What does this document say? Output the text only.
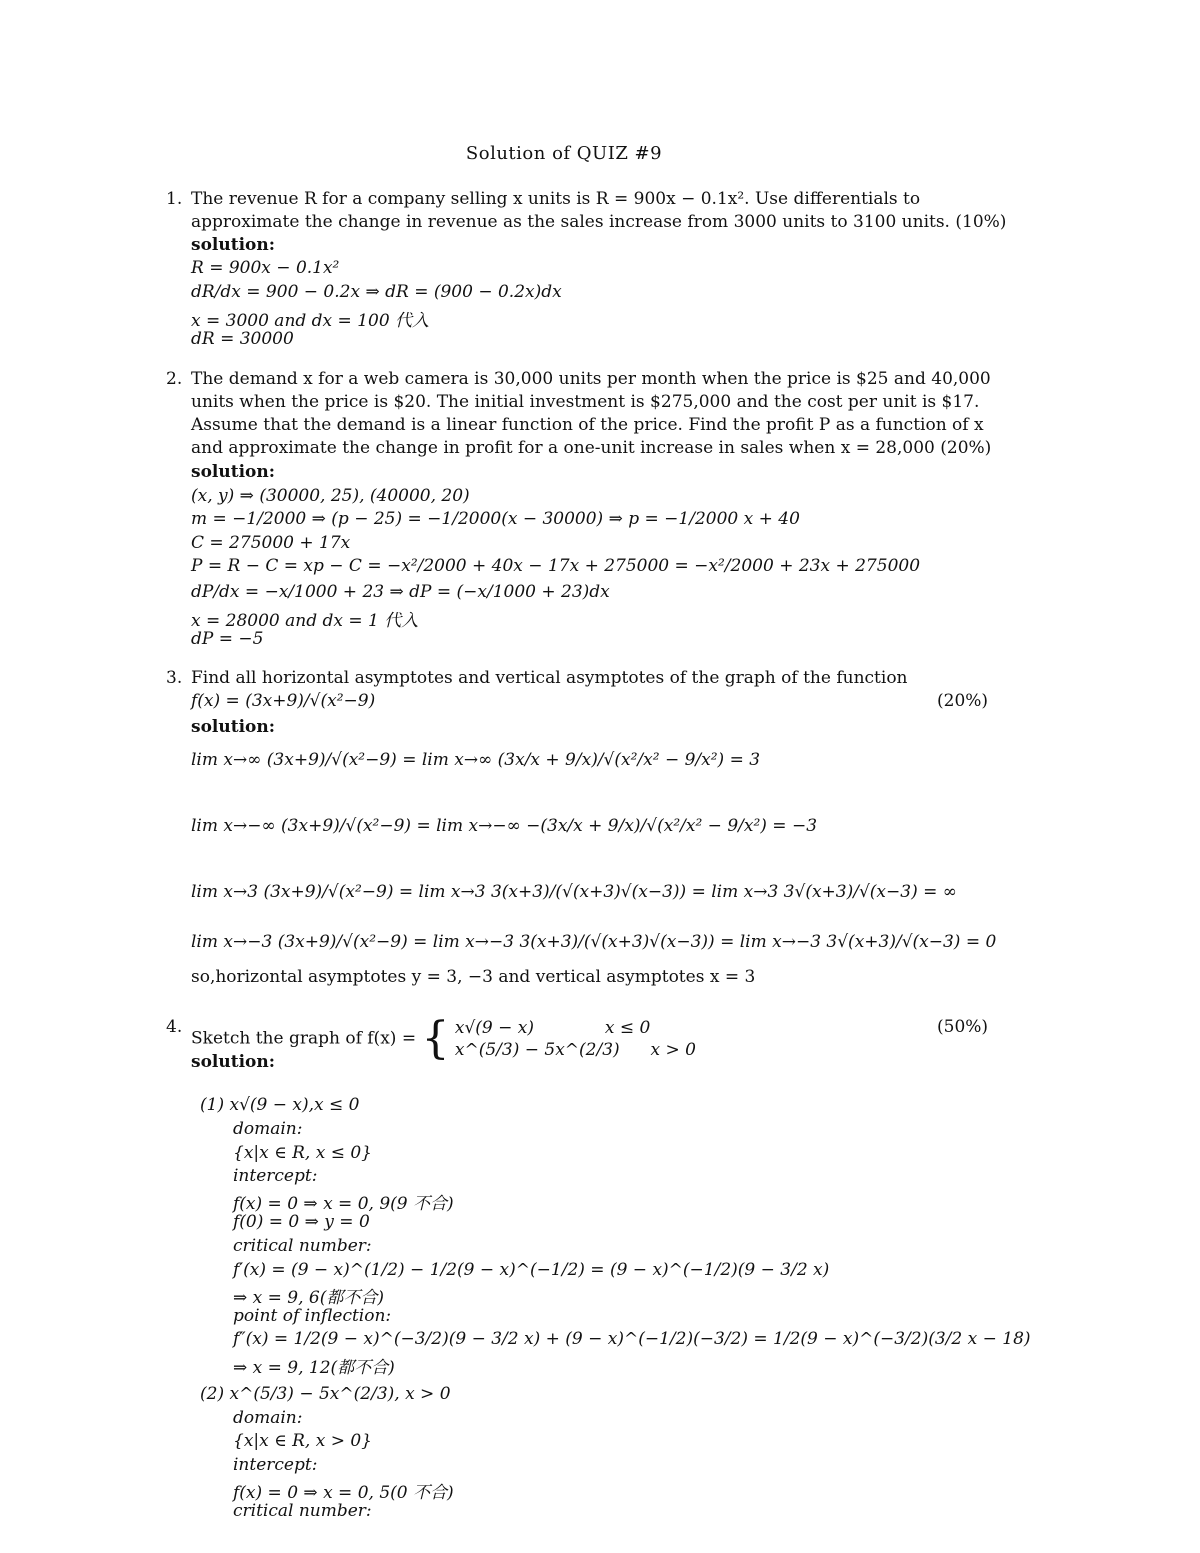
Solution of QUIZ #9
1. The revenue R for a company selling x units is R = 900x − 0.1x². Use differentials to
approximate the change in revenue as the sales increase from 3000 units to 3100 units. (10%)
solution:
R = 900x − 0.1x²
dR/dx = 900 − 0.2x ⇒ dR = (900 − 0.2x)dx
x = 3000 and dx = 100 代入
dR = 30000
2. The demand x for a web camera is 30,000 units per month when the price is $25 and 40,000
units when the price is $20. The initial investment is $275,000 and the cost per unit is $17.
Assume that the demand is a linear function of the price. Find the profit P as a function of x
and approximate the change in profit for a one-unit increase in sales when x = 28,000 (20%)
solution:
(x, y) ⇒ (30000, 25), (40000, 20)
m = −1/2000 ⇒ (p − 25) = −1/2000(x − 30000) ⇒ p = −1/2000 x + 40
C = 275000 + 17x
P = R − C = xp − C = −x²/2000 + 40x − 17x + 275000 = −x²/2000 + 23x + 275000
dP/dx = −x/1000 + 23 ⇒ dP = (−x/1000 + 23)dx
x = 28000 and dx = 1 代入
dP = −5
3. Find all horizontal asymptotes and vertical asymptotes of the graph of the function
f(x) = (3x+9)/√(x²−9)	(20%)
solution:
lim x→∞ (3x+9)/√(x²−9) = lim x→∞ (3x/x + 9/x)/√(x²/x² − 9/x²) = 3
lim x→−∞ (3x+9)/√(x²−9) = lim x→−∞ −(3x/x + 9/x)/√(x²/x² − 9/x²) = −3
lim x→3 (3x+9)/√(x²−9) = lim x→3 3(x+3)/(√(x+3)√(x−3)) = lim x→3 3√(x+3)/√(x−3) = ∞
lim x→−3 (3x+9)/√(x²−9) = lim x→−3 3(x+3)/(√(x+3)√(x−3)) = lim x→−3 3√(x+3)/√(x−3) = 0
so,horizontal asymptotes y = 3, −3 and vertical asymptotes x = 3
4.
Sketch the graph of f(x) = { x√(9 − x)	x ≤ 0
x^(5/3) − 5x^(2/3) x > 0
(50%)
solution:
(1) x√(9 − x),x ≤ 0
domain:
{x|x ∈ R, x ≤ 0}
intercept:
f(x) = 0 ⇒ x = 0, 9(9 不合)
f(0) = 0 ⇒ y = 0
critical number:
f′(x) = (9 − x)^(1/2) − 1/2(9 − x)^(−1/2) = (9 − x)^(−1/2)(9 − 3/2 x)
⇒ x = 9, 6(都不合)
point of inflection:
f″(x) = 1/2(9 − x)^(−3/2)(9 − 3/2 x) + (9 − x)^(−1/2)(−3/2) = 1/2(9 − x)^(−3/2)(3/2 x − 18)
⇒ x = 9, 12(都不合)
(2) x^(5/3) − 5x^(2/3), x > 0
domain:
{x|x ∈ R, x > 0}
intercept:
f(x) = 0 ⇒ x = 0, 5(0 不合)
critical number:
